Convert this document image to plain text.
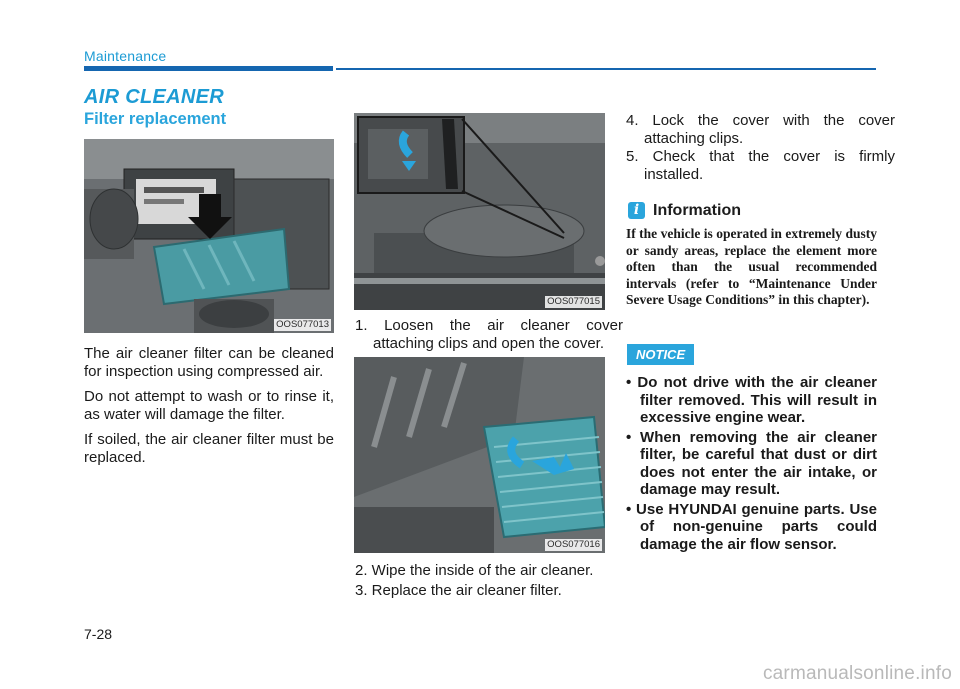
Maintenance
AIR CLEANER
Filter replacement
OOS077013

The air cleaner filter can be cleaned for inspection using compressed air.

Do not attempt to wash or to rinse it, as water will damage the filter.

If soiled, the air cleaner filter must be replaced.

OOS077015
1. Loosen the air cleaner cover attaching clips and open the cover.
OOS077016
2. Wipe the inside of the air cleaner.
3. Replace the air cleaner filter.
4. Lock the cover with the cover attaching clips.
5. Check that the cover is firmly installed.
i Information
If the vehicle is operated in extremely dusty or sandy areas, replace the element more often than the usual recommended intervals (refer to “Maintenance Under Severe Usage Conditions” in this chapter).
NOTICE
• Do not drive with the air cleaner filter removed. This will result in excessive engine wear.
• When removing the air cleaner filter, be careful that dust or dirt does not enter the air intake, or damage may result.
• Use HYUNDAI genuine parts. Use of non-genuine parts could damage the air flow sensor.
7-28
carmanualsonline.info
